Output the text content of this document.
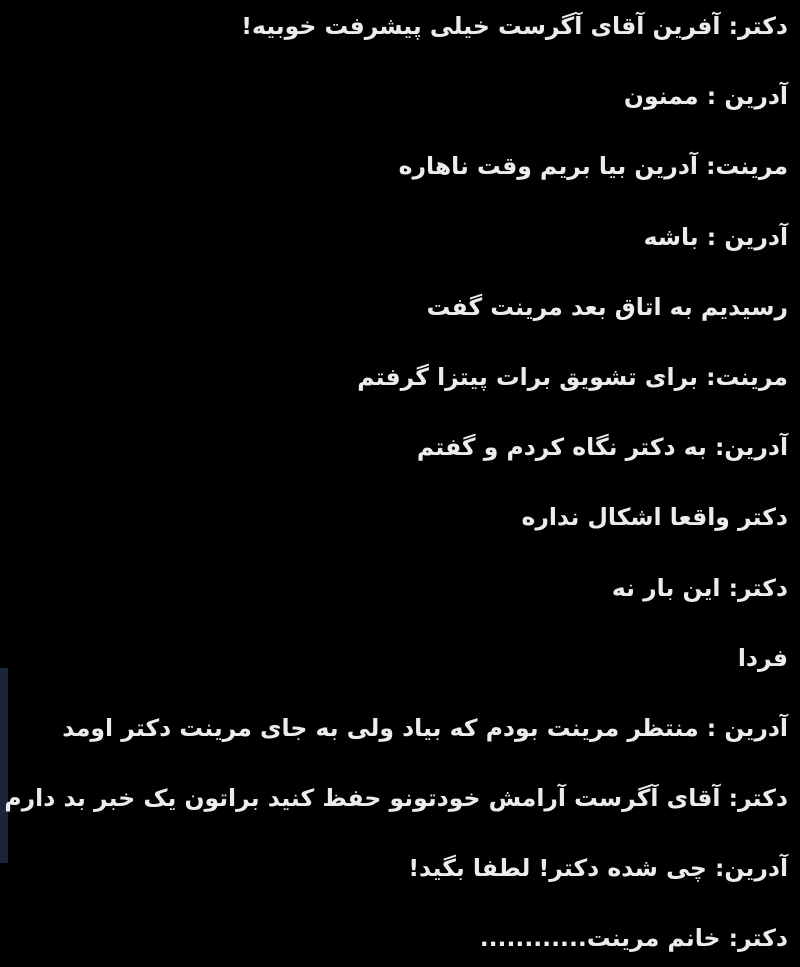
دکتر: آفرین آقای آگرست خیلی پیشرفت خوبیه!
آدرین : ممنون
مرینت: آدرین بیا بریم وقت ناهاره
آدرین : باشه
رسیدیم به اتاق بعد مرینت گفت
مرینت: برای تشویق برات پیتزا گرفتم
آدرین: به دکتر نگاه کردم و گفتم
دکتر واقعا اشکال نداره
دکتر: این بار نه
فردا
آدرین : منتظر مرینت بودم که بیاد ولی به جای مرینت دکتر اومد
دکتر: آقای آگرست آرامش خودتونو حفظ کنید براتون یک خبر بد دارم
آدرین: چی شده دکتر! لطفا بگید!
دکتر: خانم مرینت............
